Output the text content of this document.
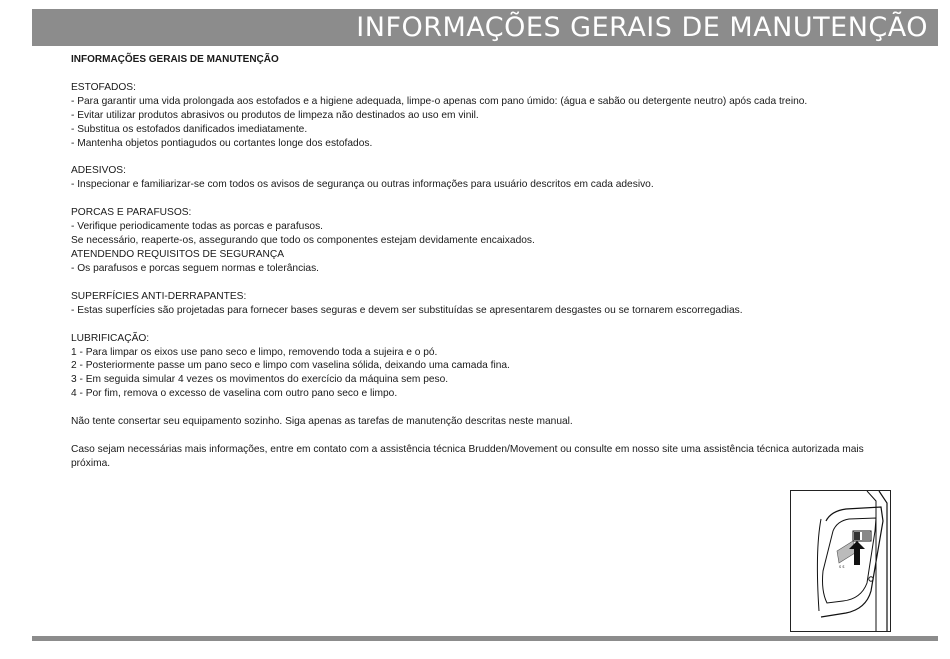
INFORMAÇÕES GERAIS DE MANUTENÇÃO
INFORMAÇÕES GERAIS DE MANUTENÇÃO
ESTOFADOS:
- Para garantir uma vida prolongada aos estofados e a higiene adequada, limpe-o apenas com pano úmido: (água e sabão ou detergente neutro) após cada treino.
- Evitar utilizar produtos abrasivos ou produtos de limpeza não destinados ao uso em vinil.
- Substitua os estofados danificados imediatamente.
- Mantenha objetos pontiagudos ou cortantes longe dos estofados.
ADESIVOS:
- Inspecionar e familiarizar-se com todos os avisos de segurança ou outras informações para usuário descritos em cada adesivo.
PORCAS E PARAFUSOS:
- Verifique periodicamente todas as porcas e parafusos.
Se necessário, reaperte-os, assegurando que todo os componentes estejam devidamente encaixados.
ATENDENDO REQUISITOS DE SEGURANÇA
- Os parafusos e porcas seguem normas e tolerâncias.
SUPERFÍCIES ANTI-DERRAPANTES:
- Estas superfícies são projetadas para fornecer bases seguras e devem ser substituídas se apresentarem desgastes ou se tornarem escorregadias.
LUBRIFICAÇÃO:
1 - Para limpar os eixos use pano seco e limpo, removendo toda a sujeira e o pó.
2 - Posteriormente passe um pano seco e limpo com vaselina sólida, deixando uma camada fina.
3 - Em seguida simular 4 vezes os movimentos do exercício da máquina sem peso.
4 - Por fim, remova o excesso de vaselina com outro pano seco e limpo.
Não tente consertar seu equipamento sozinho. Siga apenas as tarefas de manutenção descritas neste manual.
Caso sejam necessárias mais informações, entre em contato com a assistência técnica Brudden/Movement ou consulte em nosso site uma assistência técnica autorizada mais próxima.
s s
